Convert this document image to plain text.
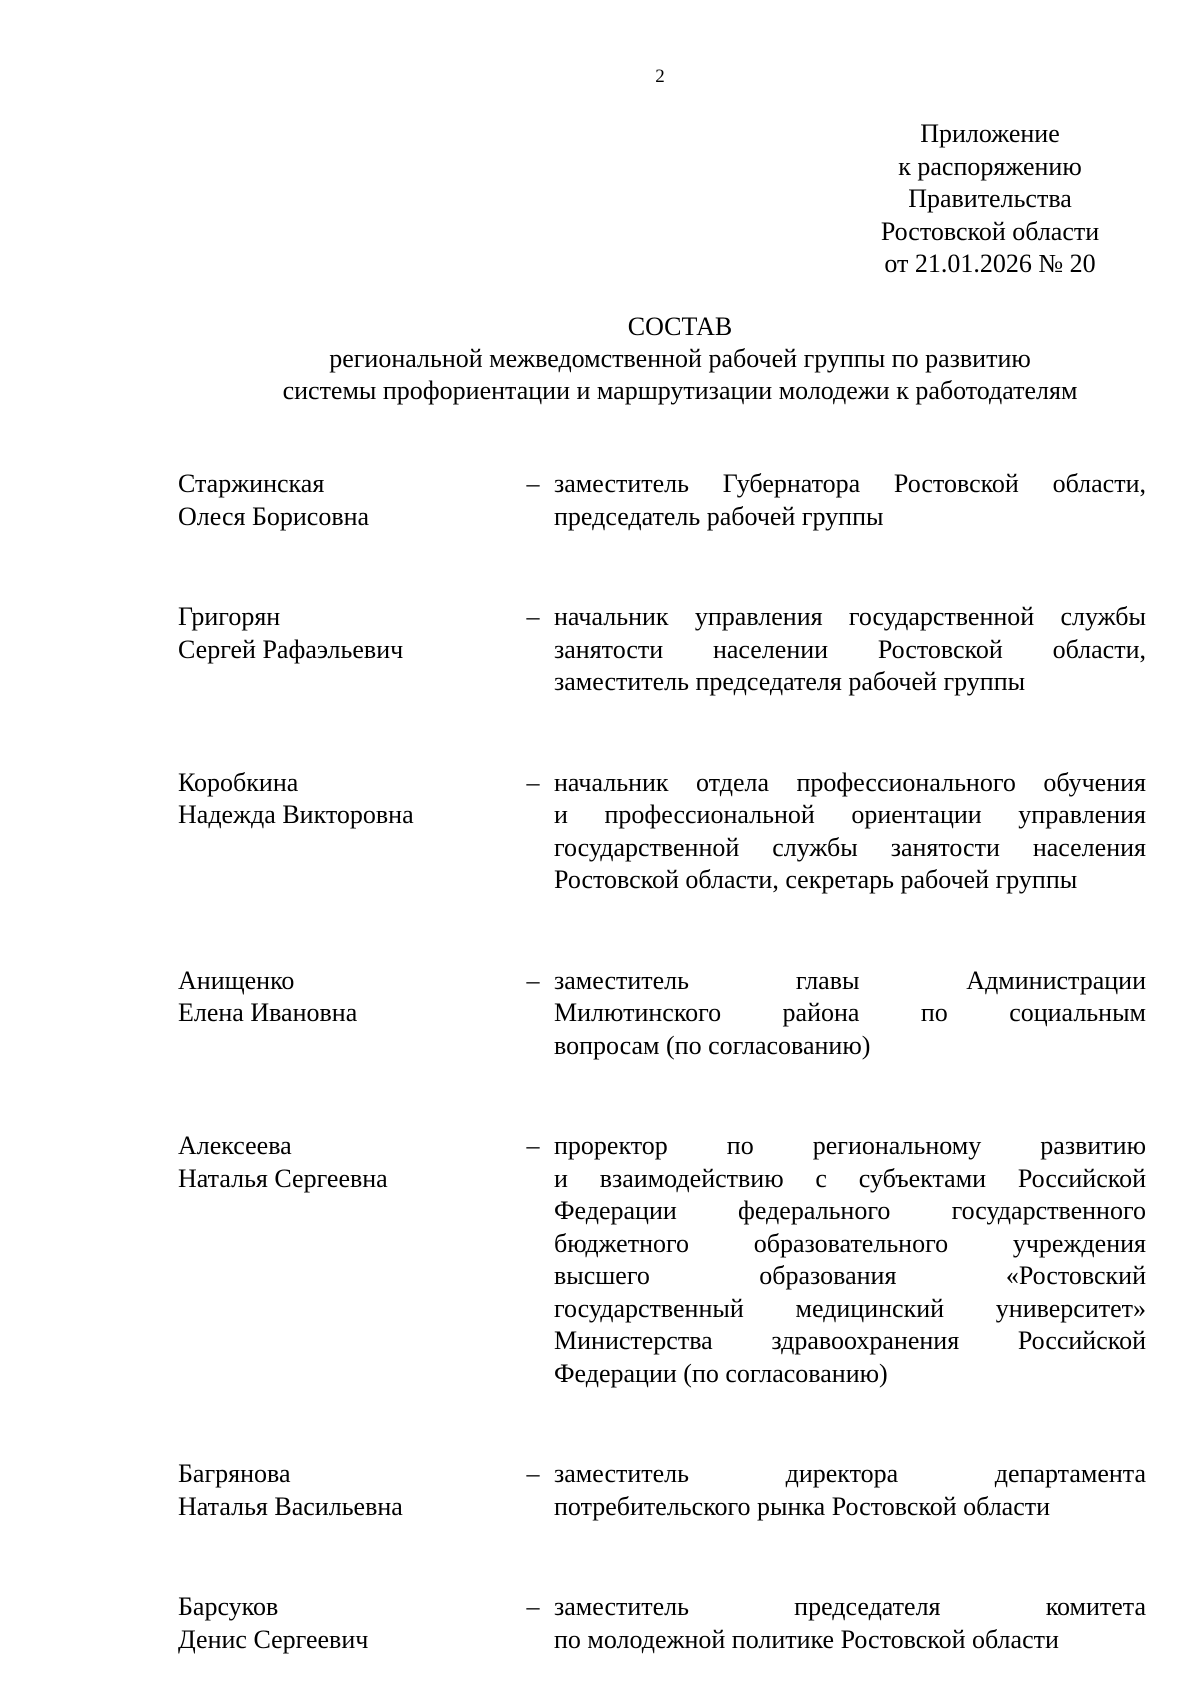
2
Приложение
к распоряжению
Правительства
Ростовской области
от 21.01.2026 № 20
СОСТАВ
региональной межведомственной рабочей группы по развитию
системы профориентации и маршрутизации молодежи к работодателям
Старжинская
Олеся Борисовна
– заместитель Губернатора Ростовской области,
председатель рабочей группы
Григорян
Сергей Рафаэльевич
– начальник управления государственной службы
занятости населении Ростовской области,
заместитель председателя рабочей группы
Коробкина
Надежда Викторовна
– начальник отдела профессионального обучения
и профессиональной ориентации управления
государственной службы занятости населения
Ростовской области, секретарь рабочей группы
Анищенко
Елена Ивановна
– заместитель главы Администрации
Милютинского района по социальным
вопросам (по согласованию)
Алексеева
Наталья Сергеевна
– проректор по региональному развитию
и взаимодействию с субъектами Российской
Федерации федерального государственного
бюджетного образовательного учреждения
высшего образования «Ростовский
государственный медицинский университет»
Министерства здравоохранения Российской
Федерации (по согласованию)
Багрянова
Наталья Васильевна
– заместитель директора департамента
потребительского рынка Ростовской области
Барсуков
Денис Сергеевич
– заместитель председателя комитета
по молодежной политике Ростовской области
